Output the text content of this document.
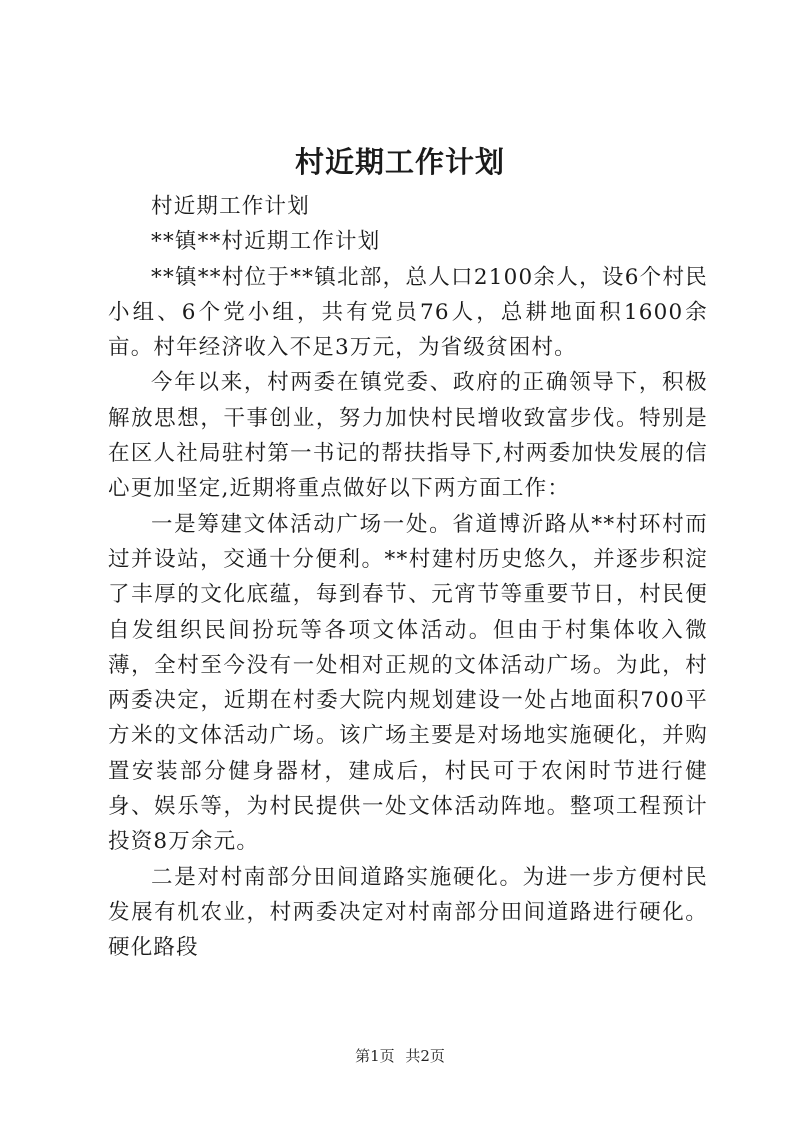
村近期工作计划

村近期工作计划

**镇**村近期工作计划

**镇**村位于**镇北部，总人口2100余人，设6个村民小组、6个党小组，共有党员76人，总耕地面积1600余亩。村年经济收入不足3万元，为省级贫困村。

今年以来，村两委在镇党委、政府的正确领导下，积极解放思想，干事创业，努力加快村民增收致富步伐。特别是在区人社局驻村第一书记的帮扶指导下,村两委加快发展的信心更加坚定,近期将重点做好以下两方面工作：

一是筹建文体活动广场一处。省道博沂路从**村环村而过并设站，交通十分便利。**村建村历史悠久，并逐步积淀了丰厚的文化底蕴，每到春节、元宵节等重要节日，村民便自发组织民间扮玩等各项文体活动。但由于村集体收入微薄，全村至今没有一处相对正规的文体活动广场。为此，村两委决定，近期在村委大院内规划建设一处占地面积700平方米的文体活动广场。该广场主要是对场地实施硬化，并购置安装部分健身器材，建成后，村民可于农闲时节进行健身、娱乐等，为村民提供一处文体活动阵地。整项工程预计投资8万余元。

二是对村南部分田间道路实施硬化。为进一步方便村民发展有机农业，村两委决定对村南部分田间道路进行硬化。硬化路段

第1页 共2页
